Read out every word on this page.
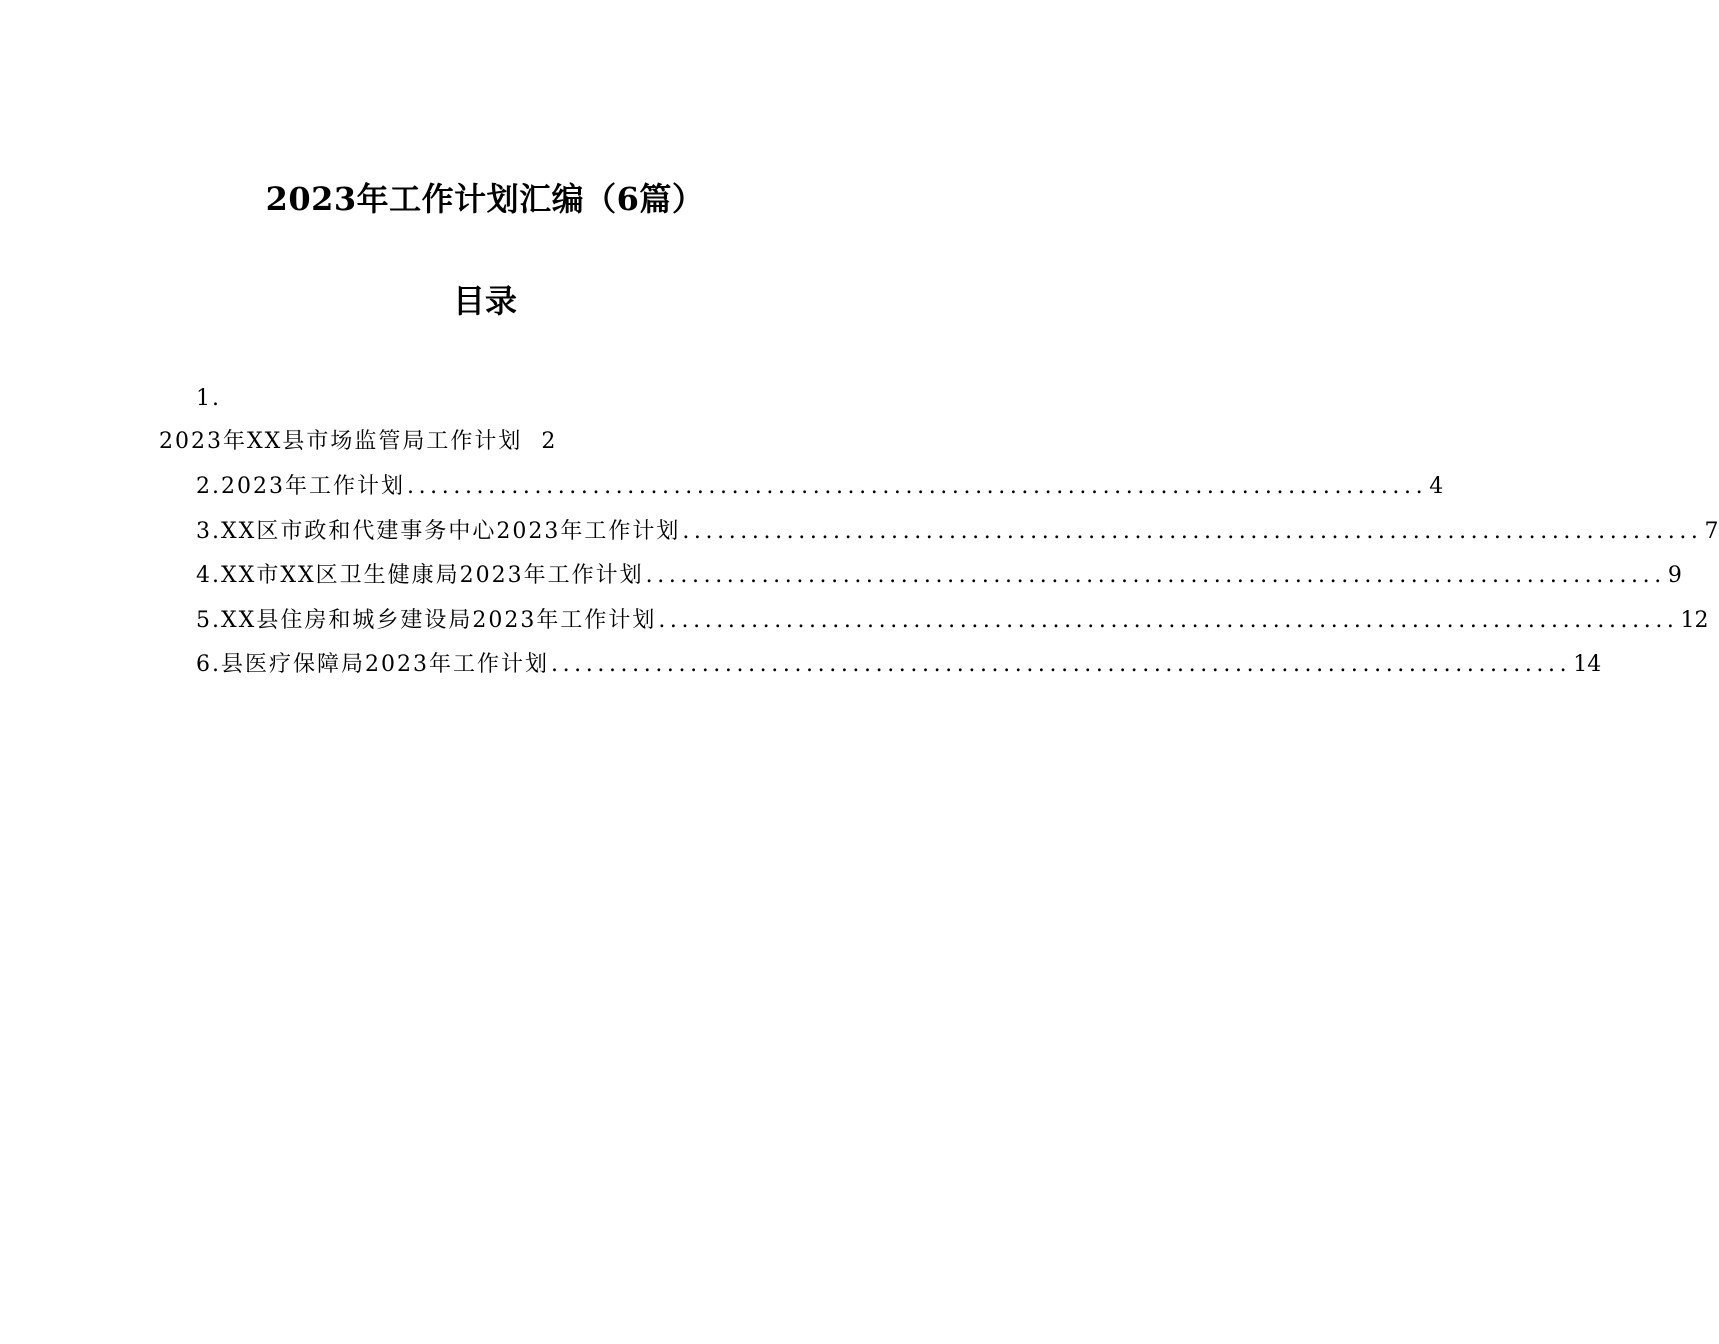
2023年工作计划汇编（6篇）
目录
1.
2023年XX县市场监管局工作计划 2
2. 2023年工作计划 ........................................................................................ 4
3. XX区市政和代建事务中心2023年工作计划 ........................................................................................ 7
4. XX市XX区卫生健康局2023年工作计划 ........................................................................................ 9
5. XX县住房和城乡建设局2023年工作计划 ........................................................................................ 12
6. 县医疗保障局2023年工作计划 ........................................................................................ 14
